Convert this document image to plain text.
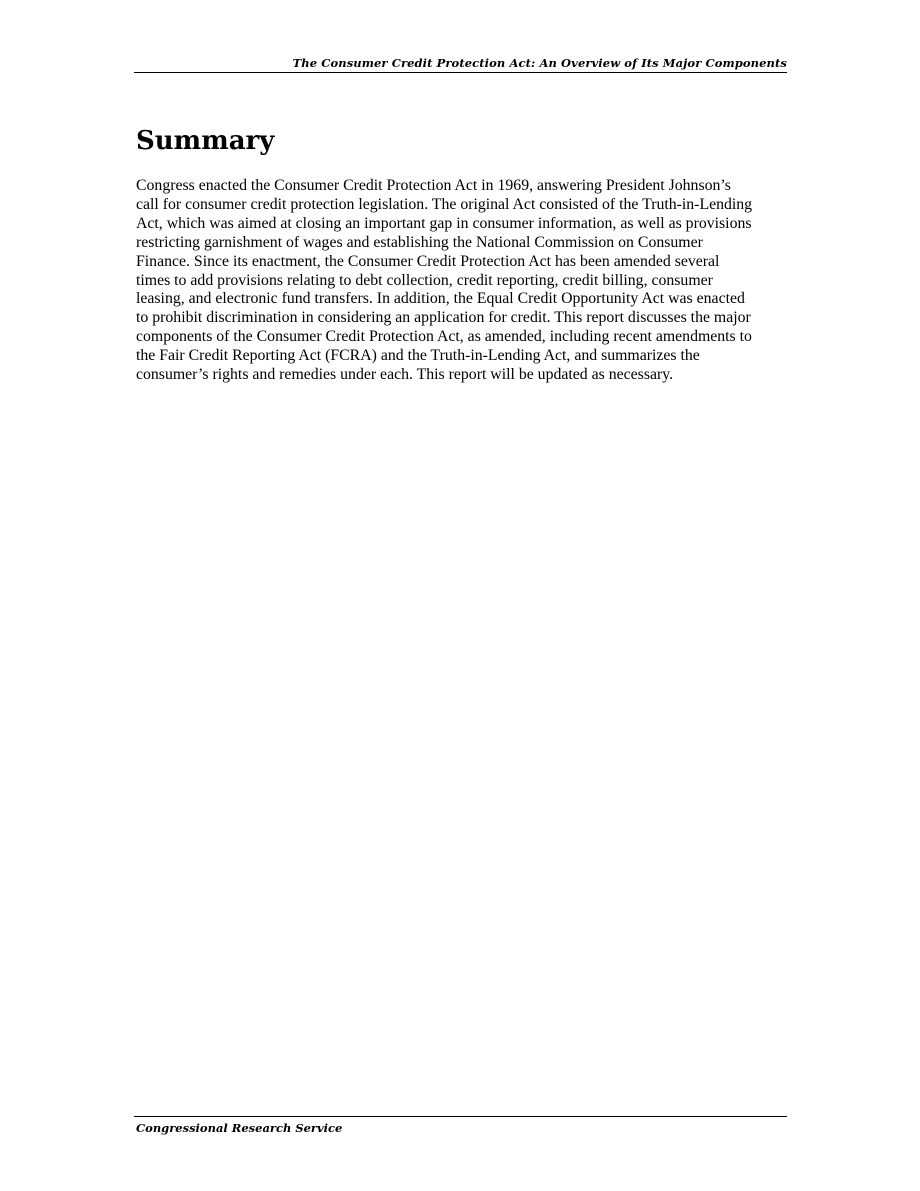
The Consumer Credit Protection Act: An Overview of Its Major Components
Summary

Congress enacted the Consumer Credit Protection Act in 1969, answering President Johnson’s
call for consumer credit protection legislation. The original Act consisted of the Truth-in-Lending
Act, which was aimed at closing an important gap in consumer information, as well as provisions
restricting garnishment of wages and establishing the National Commission on Consumer
Finance. Since its enactment, the Consumer Credit Protection Act has been amended several
times to add provisions relating to debt collection, credit reporting, credit billing, consumer
leasing, and electronic fund transfers. In addition, the Equal Credit Opportunity Act was enacted
to prohibit discrimination in considering an application for credit. This report discusses the major
components of the Consumer Credit Protection Act, as amended, including recent amendments to
the Fair Credit Reporting Act (FCRA) and the Truth-in-Lending Act, and summarizes the
consumer’s rights and remedies under each. This report will be updated as necessary.

Congressional Research Service
